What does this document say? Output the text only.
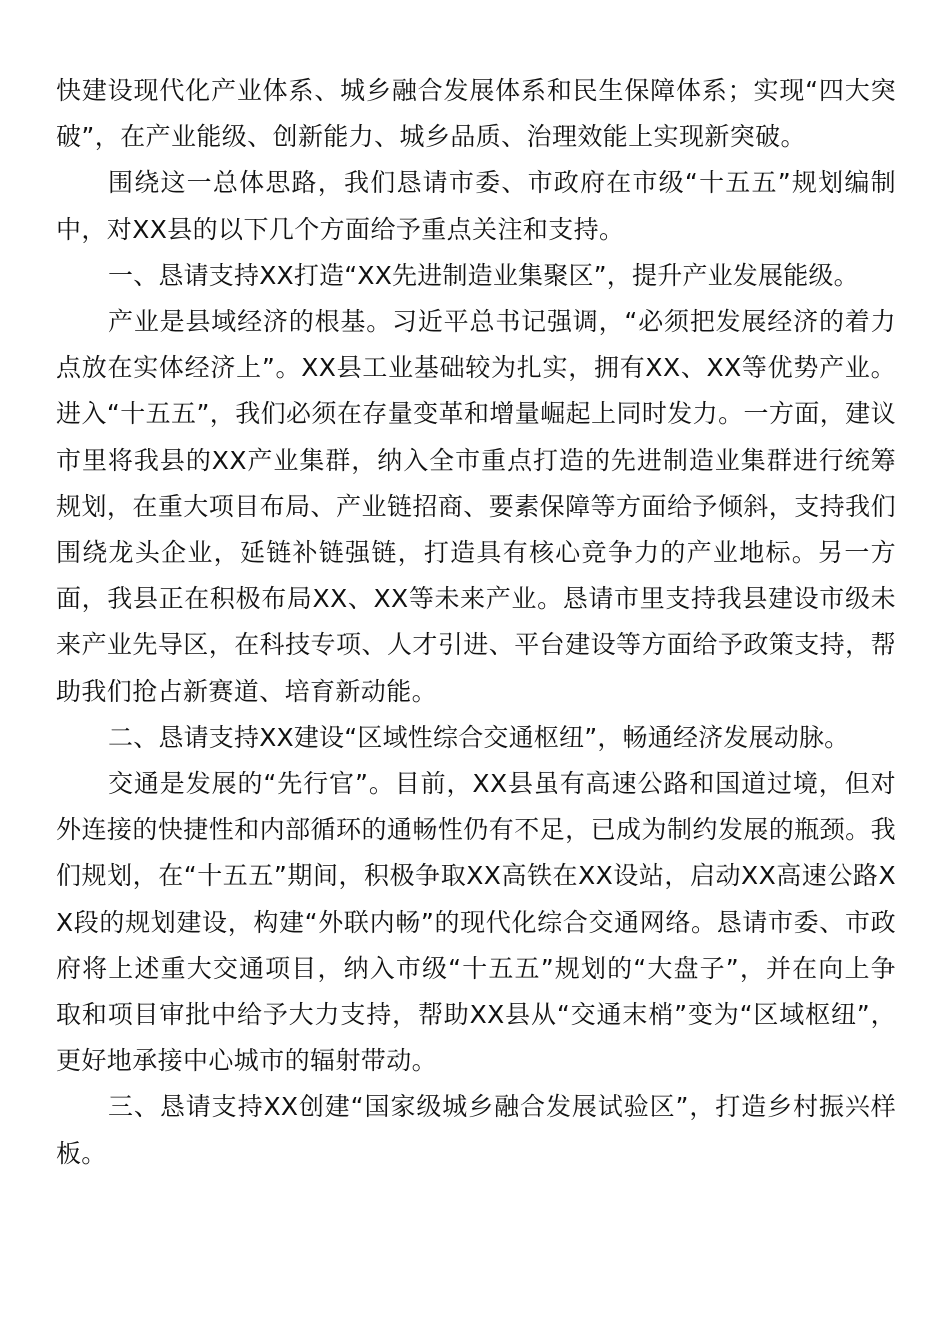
快建设现代化产业体系、城乡融合发展体系和民生保障体系；实现“四大突破”，在产业能级、创新能力、城乡品质、治理效能上实现新突破。

围绕这一总体思路，我们恳请市委、市政府在市级“十五五”规划编制中，对XX县的以下几个方面给予重点关注和支持。

一、恳请支持XX打造“XX先进制造业集聚区”，提升产业发展能级。

产业是县域经济的根基。习近平总书记强调，“必须把发展经济的着力点放在实体经济上”。XX县工业基础较为扎实，拥有XX、XX等优势产业。进入“十五五”，我们必须在存量变革和增量崛起上同时发力。一方面，建议市里将我县的XX产业集群，纳入全市重点打造的先进制造业集群进行统筹规划，在重大项目布局、产业链招商、要素保障等方面给予倾斜，支持我们围绕龙头企业，延链补链强链，打造具有核心竞争力的产业地标。另一方面，我县正在积极布局XX、XX等未来产业。恳请市里支持我县建设市级未来产业先导区，在科技专项、人才引进、平台建设等方面给予政策支持，帮助我们抢占新赛道、培育新动能。

二、恳请支持XX建设“区域性综合交通枢纽”，畅通经济发展动脉。

交通是发展的“先行官”。目前，XX县虽有高速公路和国道过境，但对外连接的快捷性和内部循环的通畅性仍有不足，已成为制约发展的瓶颈。我们规划，在“十五五”期间，积极争取XX高铁在XX设站，启动XX高速公路XX段的规划建设，构建“外联内畅”的现代化综合交通网络。恳请市委、市政府将上述重大交通项目，纳入市级“十五五”规划的“大盘子”，并在向上争取和项目审批中给予大力支持，帮助XX县从“交通末梢”变为“区域枢纽”，更好地承接中心城市的辐射带动。

三、恳请支持XX创建“国家级城乡融合发展试验区”，打造乡村振兴样板。
